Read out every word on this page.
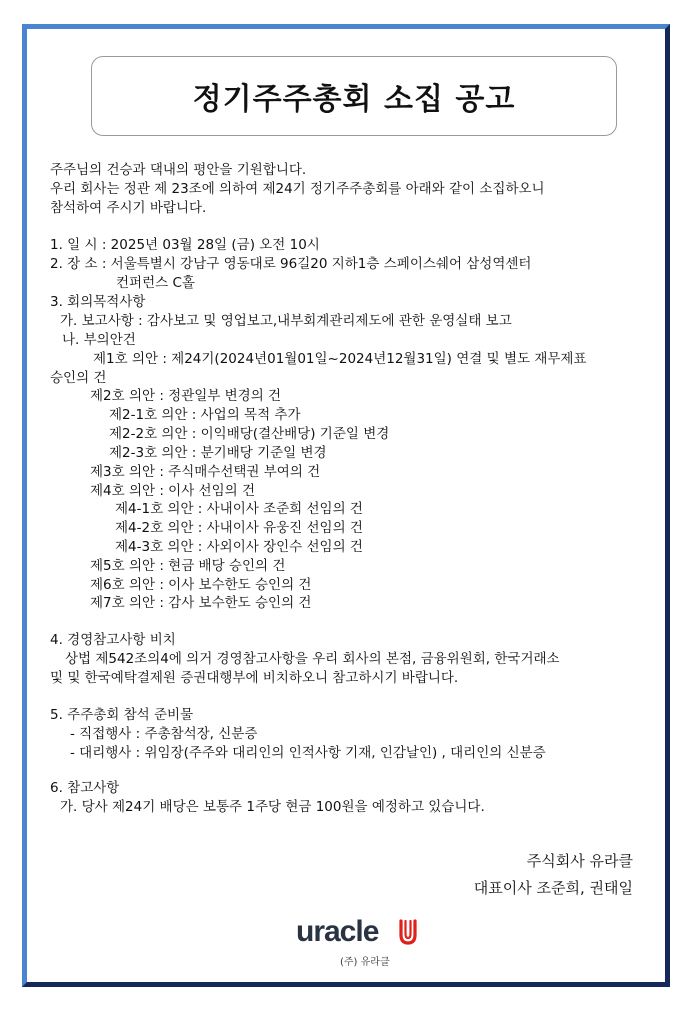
정기주주총회 소집 공고
주주님의 건승과 댁내의 평안을 기원합니다.
우리 회사는 정관 제 23조에 의하여 제24기 정기주주총회를 아래와 같이 소집하오니
참석하여 주시기 바랍니다.
1. 일 시 : 2025년 03월 28일 (금) 오전 10시
2. 장 소 : 서울특별시 강남구 영동대로 96길20 지하1층 스페이스쉐어 삼성역센터
컨퍼런스 C홀
3. 회의목적사항
가. 보고사항 : 감사보고 및 영업보고,내부회계관리제도에 관한 운영실태 보고
나. 부의안건
제1호 의안 : 제24기(2024년01월01일~2024년12월31일) 연결 및 별도 재무제표
승인의 건
제2호 의안 : 정관일부 변경의 건
제2-1호 의안 : 사업의 목적 추가
제2-2호 의안 : 이익배당(결산배당) 기준일 변경
제2-3호 의안 : 분기배당 기준일 변경
제3호 의안 : 주식매수선택권 부여의 건
제4호 의안 : 이사 선임의 건
제4-1호 의안 : 사내이사 조준희 선임의 건
제4-2호 의안 : 사내이사 유웅진 선임의 건
제4-3호 의안 : 사외이사 장인수 선임의 건
제5호 의안 : 현금 배당 승인의 건
제6호 의안 : 이사 보수한도 승인의 건
제7호 의안 : 감사 보수한도 승인의 건
4. 경영참고사항 비치
상법 제542조의4에 의거 경영참고사항을 우리 회사의 본점, 금융위원회, 한국거래소
및 및 한국예탁결제원 증권대행부에 비치하오니 참고하시기 바랍니다.
5. 주주총회 참석 준비물
- 직접행사 : 주총참석장, 신분증
- 대리행사 : 위임장(주주와 대리인의 인적사항 기재, 인감날인) , 대리인의 신분증
6. 참고사항
가. 당사 제24기 배당은 보통주 1주당 현금 100원을 예정하고 있습니다.
주식회사 유라클
대표이사 조준희, 권태일
uracle
(주) 유라클
